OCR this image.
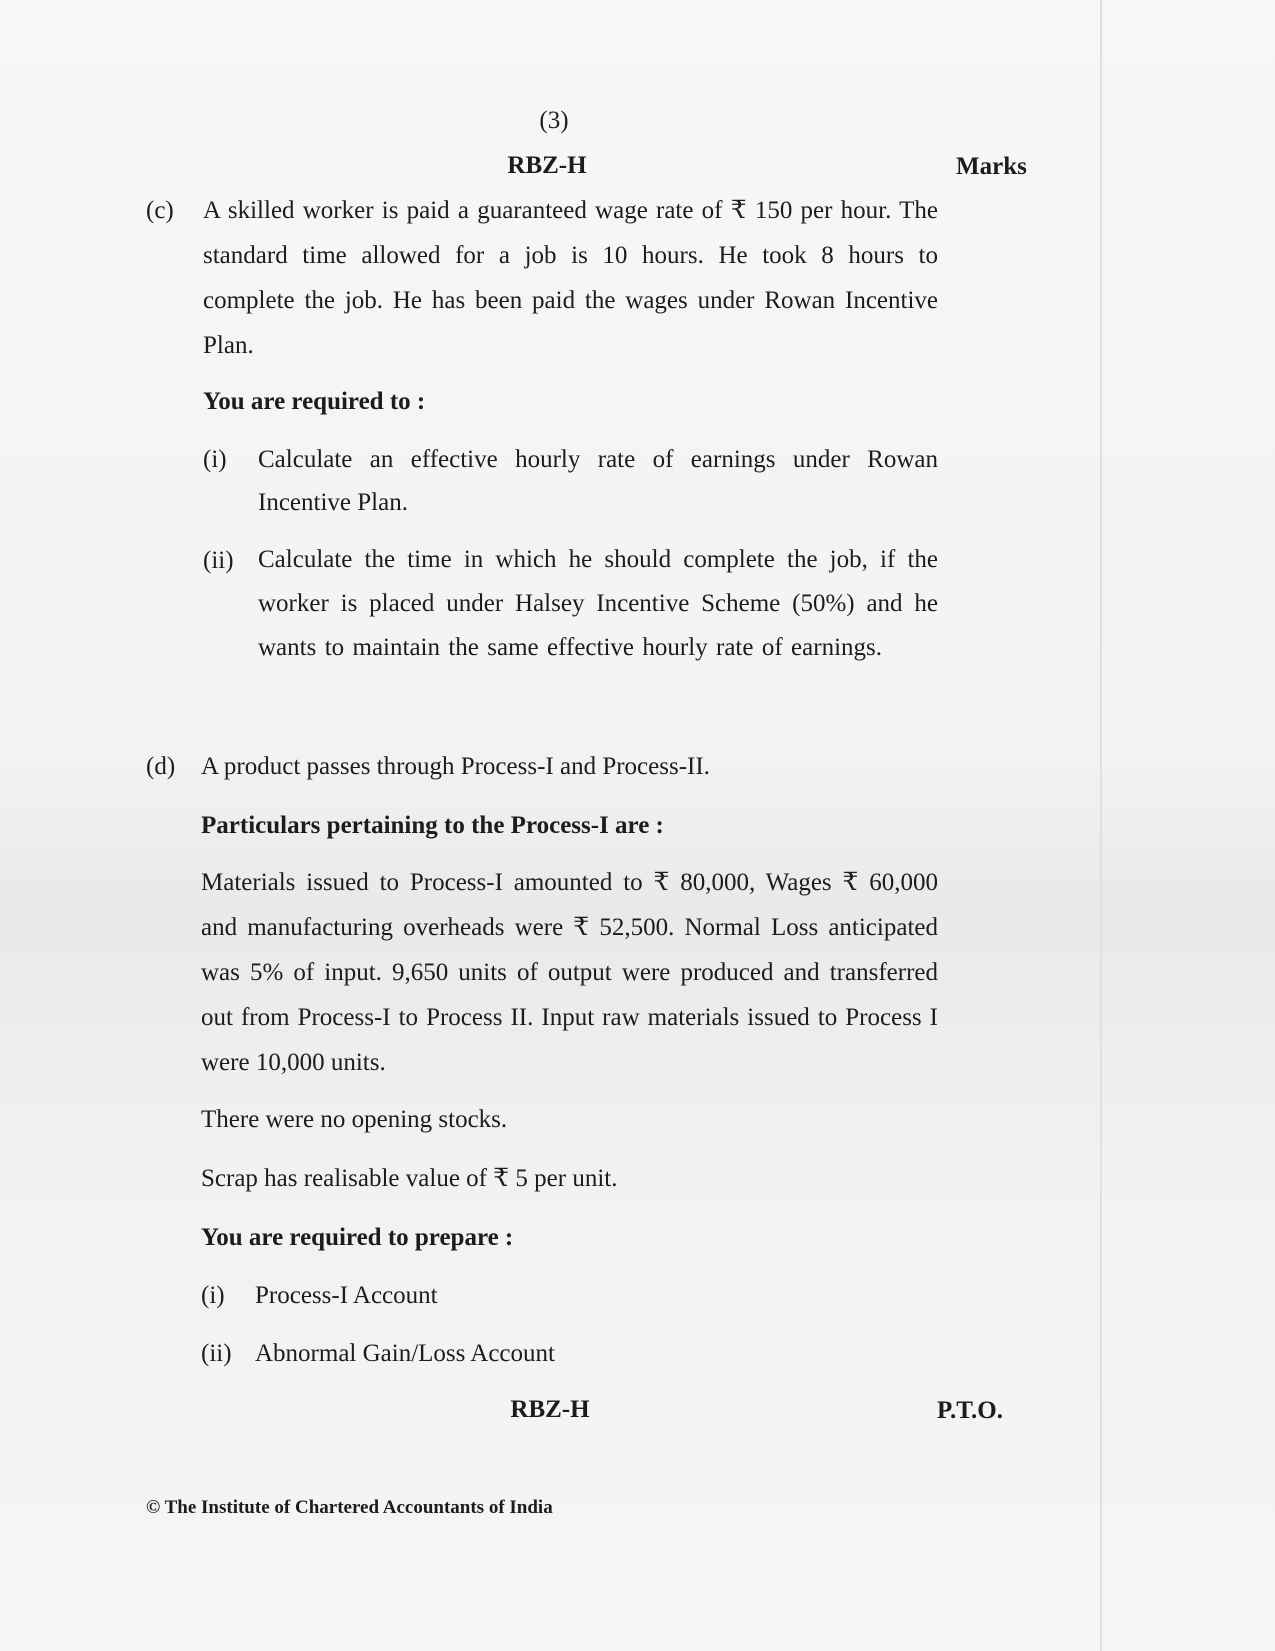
(3)
RBZ-H	Marks
(c) A skilled worker is paid a guaranteed wage rate of ₹ 150 per hour. The
standard time allowed for a job is 10 hours. He took 8 hours to
complete the job. He has been paid the wages under Rowan Incentive
Plan.
You are required to :
(i) Calculate an effective hourly rate of earnings under Rowan
Incentive Plan.
(ii) Calculate the time in which he should complete the job, if the
worker is placed under Halsey Incentive Scheme (50%) and he
wants to maintain the same effective hourly rate of earnings.
(d) A product passes through Process-I and Process-II.
Particulars pertaining to the Process-I are :
Materials issued to Process-I amounted to ₹ 80,000, Wages ₹ 60,000
and manufacturing overheads were ₹ 52,500. Normal Loss anticipated
was 5% of input. 9,650 units of output were produced and transferred
out from Process-I to Process II. Input raw materials issued to Process I
were 10,000 units.
There were no opening stocks.
Scrap has realisable value of ₹ 5 per unit.
You are required to prepare :
(i) Process-I Account
(ii) Abnormal Gain/Loss Account
RBZ-H	P.T.O.
© The Institute of Chartered Accountants of India
